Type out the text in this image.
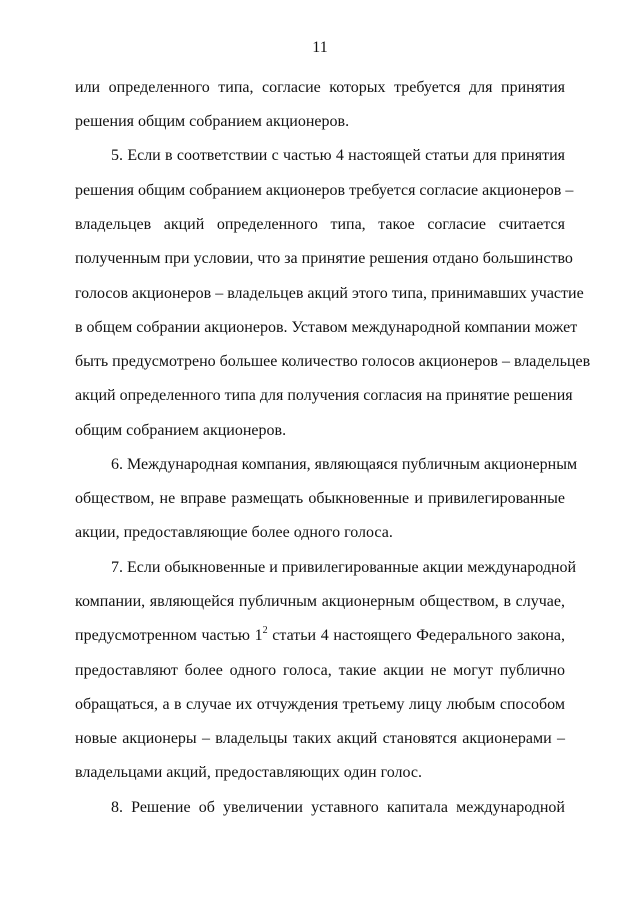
11
или определенного типа, согласие которых требуется для принятия
решения общим собранием акционеров.
5. Если в соответствии с частью 4 настоящей статьи для принятия
решения общим собранием акционеров требуется согласие акционеров –
владельцев акций определенного типа, такое согласие считается
полученным при условии, что за принятие решения отдано большинство
голосов акционеров – владельцев акций этого типа, принимавших участие
в общем собрании акционеров. Уставом международной компании может
быть предусмотрено большее количество голосов акционеров – владельцев
акций определенного типа для получения согласия на принятие решения
общим собранием акционеров.
6. Международная компания, являющаяся публичным акционерным
обществом, не вправе размещать обыкновенные и привилегированные
акции, предоставляющие более одного голоса.
7. Если обыкновенные и привилегированные акции международной
компании, являющейся публичным акционерным обществом, в случае,
предусмотренном частью $1^2$ статьи 4 настоящего Федерального закона,
предоставляют более одного голоса, такие акции не могут публично
обращаться, а в случае их отчуждения третьему лицу любым способом
новые акционеры – владельцы таких акций становятся акционерами –
владельцами акций, предоставляющих один голос.
8. Решение об увеличении уставного капитала международной
